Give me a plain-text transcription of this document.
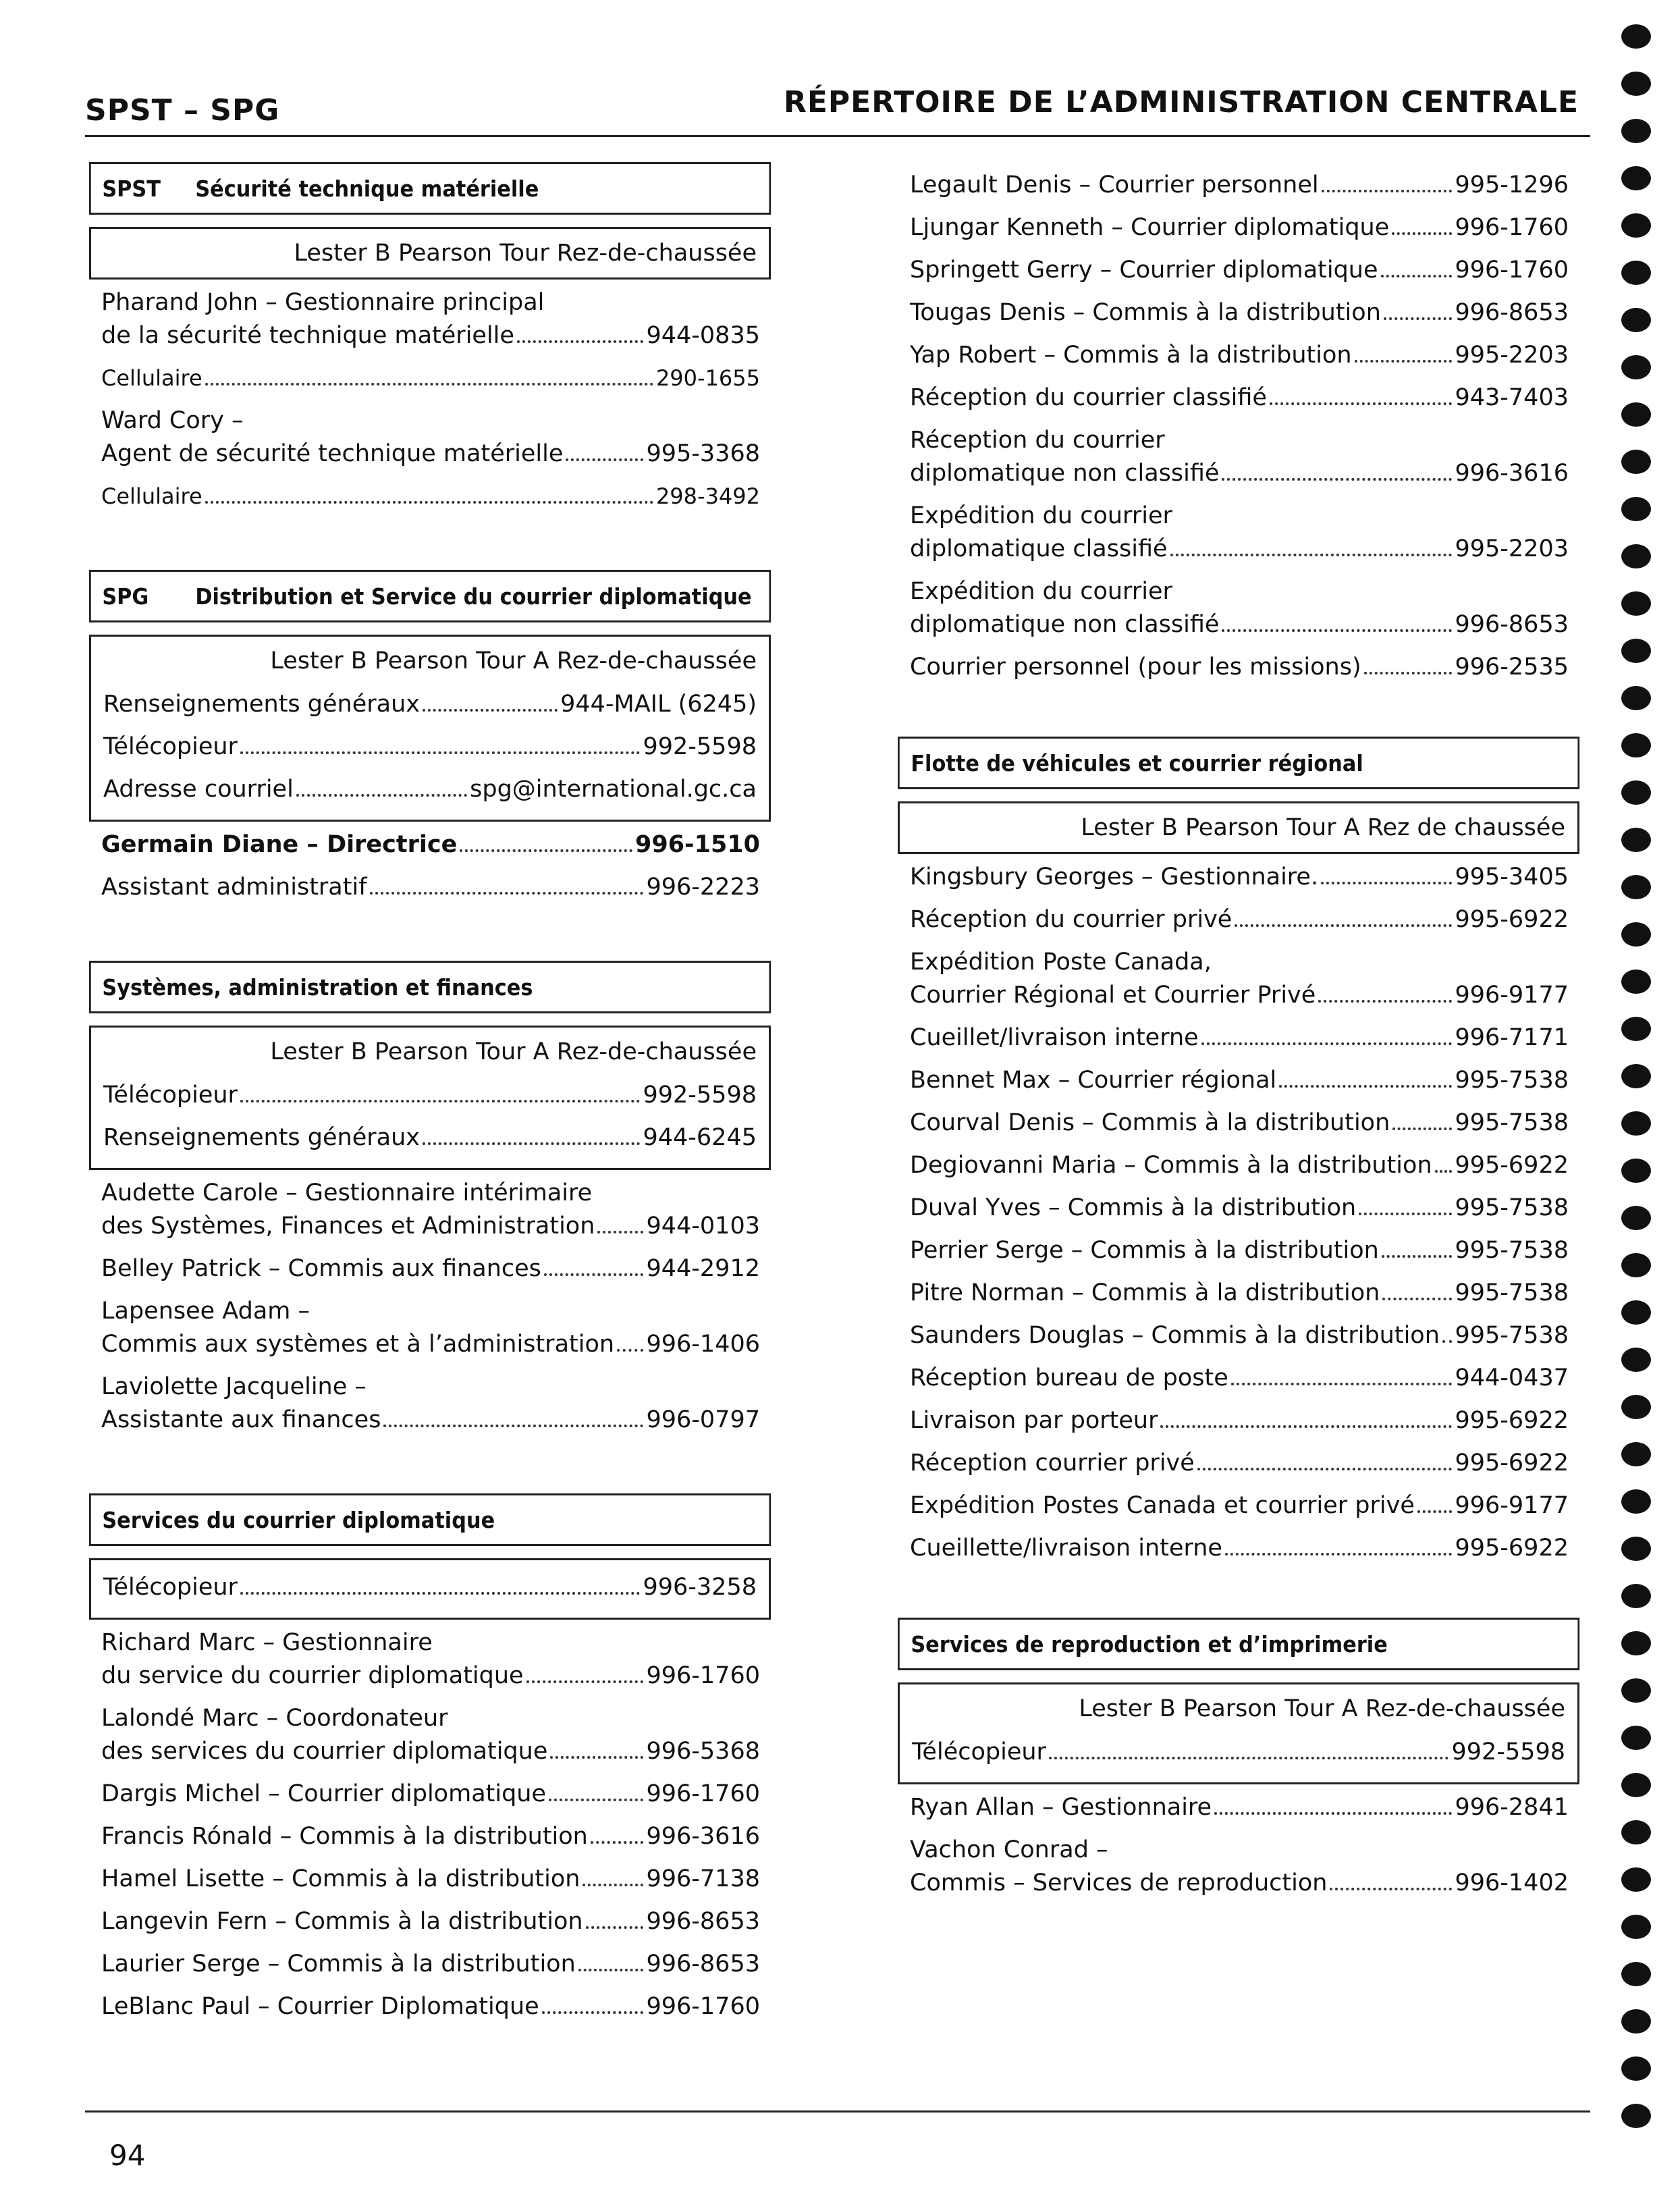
SPST – SPG	RÉPERTOIRE DE L’ADMINISTRATION CENTRALE
SPST	Sécurité technique matérielle
Lester B Pearson Tour Rez-de-chaussée
Pharand John – Gestionnaire principal
de la sécurité technique matérielle	944-0835
Cellulaire	290-1655
Ward Cory –
Agent de sécurité technique matérielle	995-3368
Cellulaire	298-3492
SPG	Distribution et Service du courrier diplomatique
Lester B Pearson Tour A Rez-de-chaussée
Renseignements généraux	944-MAIL (6245)
Télécopieur	992-5598
Adresse courriel	spg@international.gc.ca
Germain Diane – Directrice	996-1510
Assistant administratif	996-2223
Systèmes, administration et finances
Lester B Pearson Tour A Rez-de-chaussée
Télécopieur	992-5598
Renseignements généraux	944-6245
Audette Carole – Gestionnaire intérimaire
des Systèmes, Finances et Administration 944-0103
Belley Patrick – Commis aux finances	944-2912
Lapensee Adam –
Commis aux systèmes et à l’administration 996-1406
Laviolette Jacqueline –
Assistante aux finances	996-0797
Services du courrier diplomatique
Télécopieur	996-3258
Richard Marc – Gestionnaire
du service du courrier diplomatique	996-1760
Lalondé Marc – Coordonateur
des services du courrier diplomatique	996-5368
Dargis Michel – Courrier diplomatique	996-1760
Francis Rónald – Commis à la distribution 996-3616
Hamel Lisette – Commis à la distribution	996-7138
Langevin Fern – Commis à la distribution	996-8653
Laurier Serge – Commis à la distribution	996-8653
LeBlanc Paul – Courrier Diplomatique	996-1760
Legault Denis – Courrier personnel	995-1296
Ljungar Kenneth – Courrier diplomatique	996-1760
Springett Gerry – Courrier diplomatique	996-1760
Tougas Denis – Commis à la distribution	996-8653
Yap Robert – Commis à la distribution	995-2203
Réception du courrier classifié	943-7403
Réception du courrier
diplomatique non classifié	996-3616
Expédition du courrier
diplomatique classifié	995-2203
Expédition du courrier
diplomatique non classifié	996-8653
Courrier personnel (pour les missions)	996-2535
Flotte de véhicules et courrier régional
Lester B Pearson Tour A Rez de chaussée
Kingsbury Georges – Gestionnaire.	995-3405
Réception du courrier privé	995-6922
Expédition Poste Canada,
Courrier Régional et Courrier Privé	996-9177
Cueillet/livraison interne	996-7171
Bennet Max – Courrier régional	995-7538
Courval Denis – Commis à la distribution	995-7538
Degiovanni Maria – Commis à la distribution 995-6922
Duval Yves – Commis à la distribution	995-7538
Perrier Serge – Commis à la distribution	995-7538
Pitre Norman – Commis à la distribution	995-7538
Saunders Douglas – Commis à la distribution 995-7538
Réception bureau de poste	944-0437
Livraison par porteur	995-6922
Réception courrier privé	995-6922
Expédition Postes Canada et courrier privé 996-9177
Cueillette/livraison interne	995-6922
Services de reproduction et d’imprimerie
Lester B Pearson Tour A Rez-de-chaussée
Télécopieur	992-5598
Ryan Allan – Gestionnaire	996-2841
Vachon Conrad –
Commis – Services de reproduction	996-1402
94
